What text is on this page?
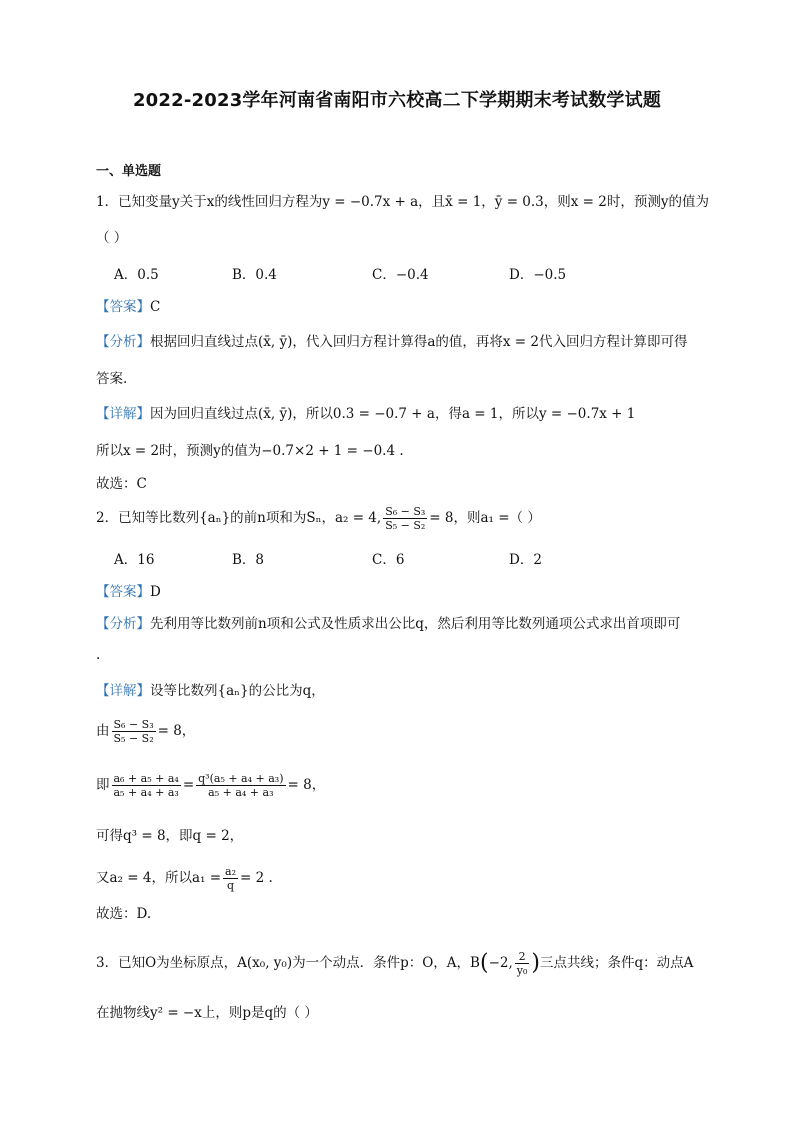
2022-2023学年河南省南阳市六校高二下学期期末考试数学试题
一、单选题
1．已知变量y关于x的线性回归方程为y = −0.7x + a，且x̄ = 1，ȳ = 0.3，则x = 2时，预测y的值为
（ ）
A．0.5	B．0.4	C．−0.4	D．−0.5
【答案】C
【分析】根据回归直线过点(x̄, ȳ)，代入回归方程计算得a的值，再将x = 2代入回归方程计算即可得
答案.
【详解】因为回归直线过点(x̄, ȳ)，所以0.3 = −0.7 + a，得a = 1，所以y = −0.7x + 1
所以x = 2时，预测y的值为−0.7×2 + 1 = −0.4 .
故选：C
2．已知等比数列{aₙ}的前n项和为Sₙ，a₂ = 4, $\frac{\text{S₆ − S₃}}{\text{S₅ − S₂}} = 8$，则a₁ =（ ）
A．16	B．8	C．6	D．2
【答案】D
【分析】先利用等比数列前n项和公式及性质求出公比q，然后利用等比数列通项公式求出首项即可
.
【详解】设等比数列{aₙ}的公比为q，
由 $\frac{\text{S₆ − S₃}}{\text{S₅ − S₂}} = 8$，
即 $\frac{\text{a₆ + a₅ + a₄}}{\text{a₅ + a₄ + a₃}} = \frac{\text{q³(a₅ + a₄ + a₃)}}{\text{a₅ + a₄ + a₃}} = 8$，
可得q³ = 8，即q = 2，
又a₂ = 4，所以$a_1 = \frac{\text{a₂}}{q} = 2$ .
故选：D.
3．已知O为坐标原点，A(x₀, y₀)为一个动点．条件p：O，A，B(−2, $\frac{2}{\text{y₀}}$ )三点共线；条件q：动点A
在抛物线y² = −x上，则p是q的（ ）
